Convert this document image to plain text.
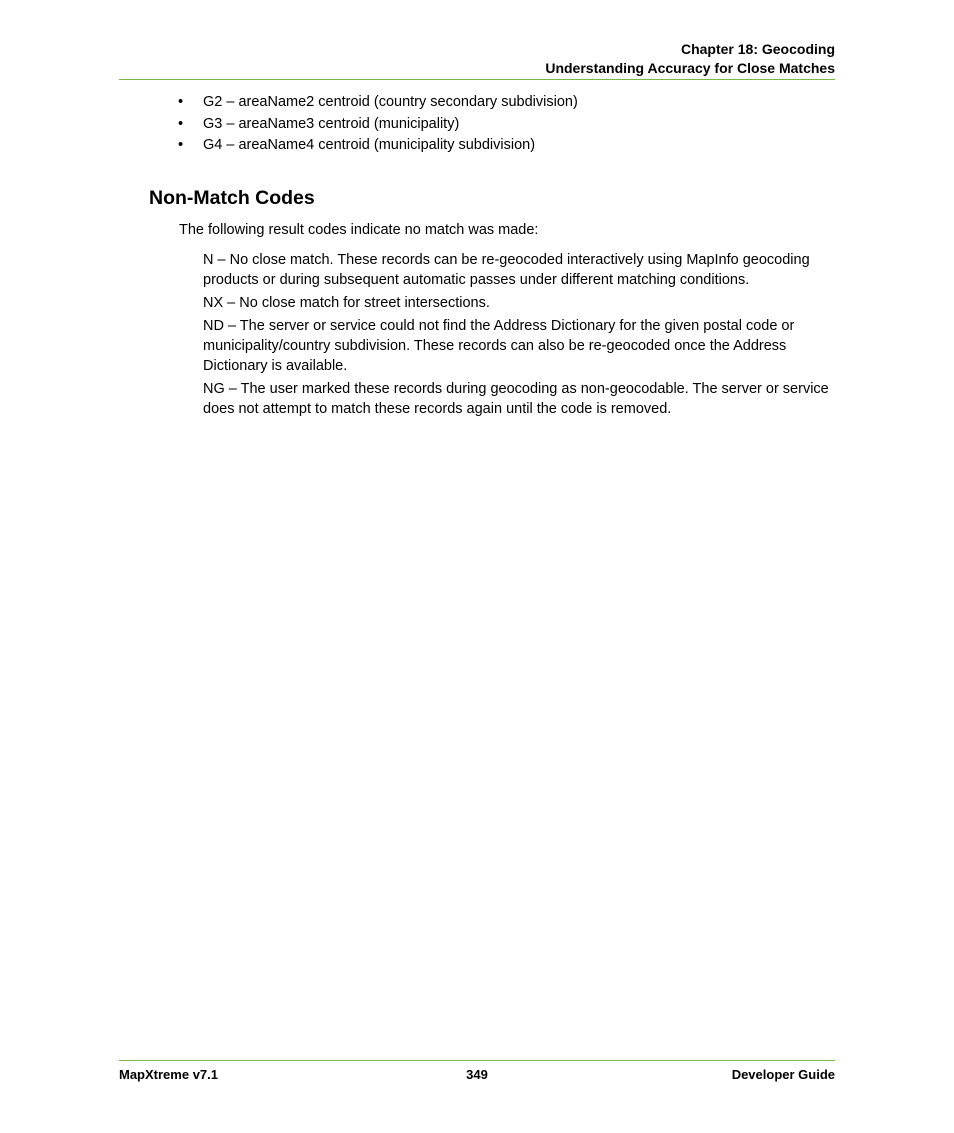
Chapter 18: Geocoding
Understanding Accuracy for Close Matches
• G2 – areaName2 centroid (country secondary subdivision)
• G3 – areaName3 centroid (municipality)
• G4 – areaName4 centroid (municipality subdivision)
Non-Match Codes

The following result codes indicate no match was made:

N – No close match. These records can be re-geocoded interactively using MapInfo geocoding products or during subsequent automatic passes under different matching conditions.

NX – No close match for street intersections.

ND – The server or service could not find the Address Dictionary for the given postal code or municipality/country subdivision. These records can also be re-geocoded once the Address Dictionary is available.

NG – The user marked these records during geocoding as non-geocodable. The server or service does not attempt to match these records again until the code is removed.

MapXtreme v7.1	349	Developer Guide
